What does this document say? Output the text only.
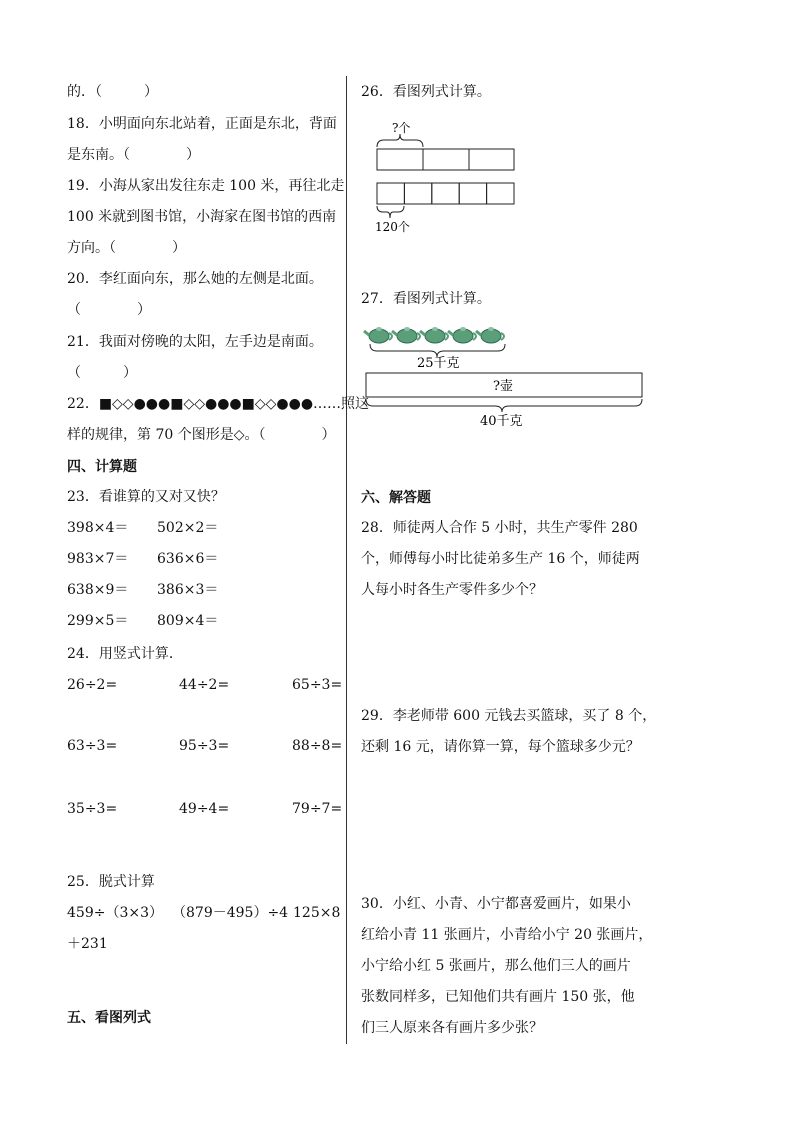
的．（　　　）
18．小明面向东北站着，正面是东北，背面
是东南。（　　　　）
19．小海从家出发往东走 100 米，再往北走
100 米就到图书馆，小海家在图书馆的西南
方向。（　　　　）
20．李红面向东，那么她的左侧是北面。
（　　　　）
21．我面对傍晚的太阳，左手边是南面。
（　　　）
22．■◇◇●●●■◇◇●●●■◇◇●●●……照这
样的规律，第 70 个图形是◇。（　　　　）
四、计算题
23．看谁算的又对又快？
398×4＝ 502×2＝
983×7＝ 636×6＝
638×9＝ 386×3＝
299×5＝ 809×4＝
24．用竖式计算．
26÷2=	44÷2=	65÷3=
63÷3=	95÷3=	88÷8=
35÷3=	49÷4=	79÷7=
25．脱式计算
459÷（3×3） （879－495）÷4 125×8
＋231
五、看图列式
26．看图列式计算。
?个
120个
27．看图列式计算。
25千克
?壶
40千克
六、解答题
28．师徒两人合作 5 小时，共生产零件 280
个，师傅每小时比徒弟多生产 16 个，师徒两
人每小时各生产零件多少个？
29．李老师带 600 元钱去买篮球，买了 8 个，
还剩 16 元，请你算一算，每个篮球多少元？
30．小红、小青、小宁都喜爱画片，如果小
红给小青 11 张画片，小青给小宁 20 张画片，
小宁给小红 5 张画片，那么他们三人的画片
张数同样多，已知他们共有画片 150 张，他
们三人原来各有画片多少张？
